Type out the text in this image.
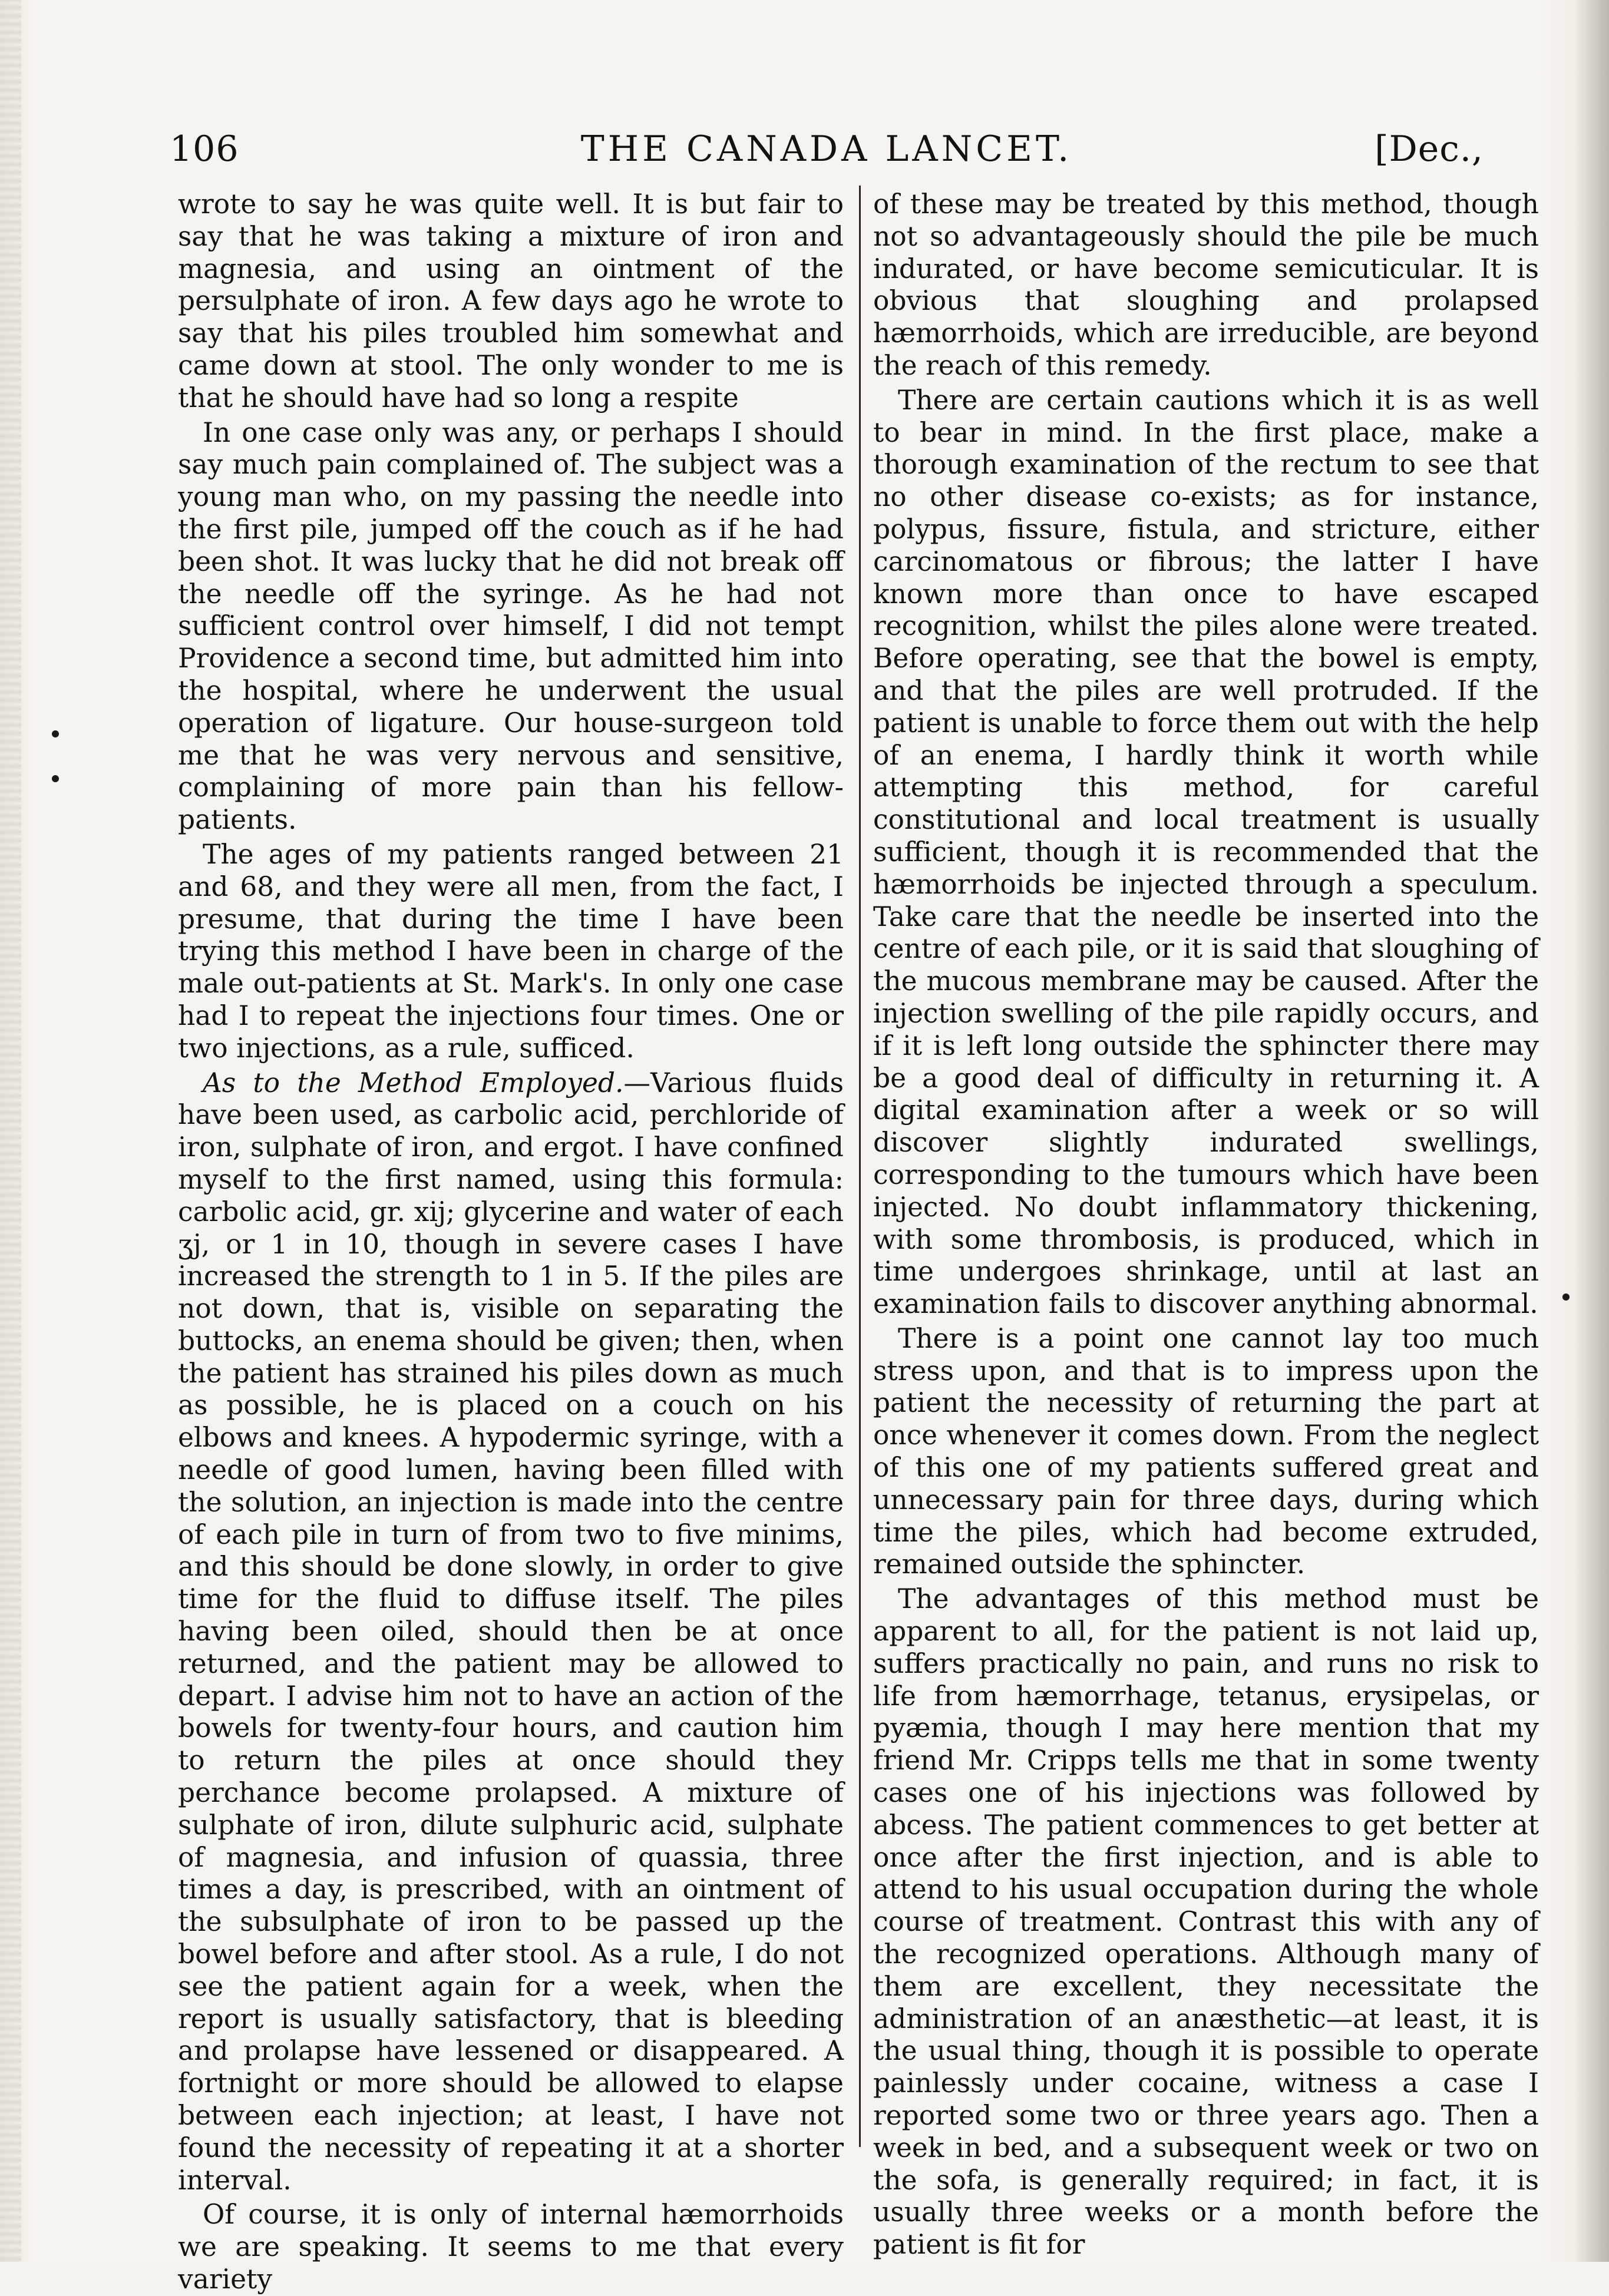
106	THE CANADA LANCET.	[Dec.,

wrote to say he was quite well. It is but fair to say that he was taking a mixture of iron and magnesia, and using an ointment of the persulphate of iron. A few days ago he wrote to say that his piles troubled him somewhat and came down at stool. The only wonder to me is that he should have had so long a respite

In one case only was any, or perhaps I should say much pain complained of. The subject was a young man who, on my passing the needle into the first pile, jumped off the couch as if he had been shot. It was lucky that he did not break off the needle off the syringe. As he had not sufficient control over himself, I did not tempt Providence a second time, but admitted him into the hospital, where he underwent the usual operation of ligature. Our house-surgeon told me that he was very nervous and sensitive, complaining of more pain than his fellow-patients.

The ages of my patients ranged between 21 and 68, and they were all men, from the fact, I presume, that during the time I have been trying this method I have been in charge of the male out-patients at St. Mark's. In only one case had I to repeat the injections four times. One or two injections, as a rule, sufficed.

As to the Method Employed.—Various fluids have been used, as carbolic acid, perchloride of iron, sulphate of iron, and ergot. I have confined myself to the first named, using this formula: carbolic acid, gr. xij; glycerine and water of each ʒj, or 1 in 10, though in severe cases I have increased the strength to 1 in 5. If the piles are not down, that is, visible on separating the buttocks, an enema should be given; then, when the patient has strained his piles down as much as possible, he is placed on a couch on his elbows and knees. A hypodermic syringe, with a needle of good lumen, having been filled with the solution, an injection is made into the centre of each pile in turn of from two to five minims, and this should be done slowly, in order to give time for the fluid to diffuse itself. The piles having been oiled, should then be at once returned, and the patient may be allowed to depart. I advise him not to have an action of the bowels for twenty-four hours, and caution him to return the piles at once should they perchance become prolapsed. A mixture of sulphate of iron, dilute sulphuric acid, sulphate of magnesia, and infusion of quassia, three times a day, is prescribed, with an ointment of the subsulphate of iron to be passed up the bowel before and after stool. As a rule, I do not see the patient again for a week, when the report is usually satisfactory, that is bleeding and prolapse have lessened or disappeared. A fortnight or more should be allowed to elapse between each injection; at least, I have not found the necessity of repeating it at a shorter interval.

Of course, it is only of internal hæmorrhoids we are speaking. It seems to me that every variety

of these may be treated by this method, though not so advantageously should the pile be much indurated, or have become semicuticular. It is obvious that sloughing and prolapsed hæmorrhoids, which are irreducible, are beyond the reach of this remedy.

There are certain cautions which it is as well to bear in mind. In the first place, make a thorough examination of the rectum to see that no other disease co-exists; as for instance, polypus, fissure, fistula, and stricture, either carcinomatous or fibrous; the latter I have known more than once to have escaped recognition, whilst the piles alone were treated. Before operating, see that the bowel is empty, and that the piles are well protruded. If the patient is unable to force them out with the help of an enema, I hardly think it worth while attempting this method, for careful constitutional and local treatment is usually sufficient, though it is recommended that the hæmorrhoids be injected through a speculum. Take care that the needle be inserted into the centre of each pile, or it is said that sloughing of the mucous membrane may be caused. After the injection swelling of the pile rapidly occurs, and if it is left long outside the sphincter there may be a good deal of difficulty in returning it. A digital examination after a week or so will discover slightly indurated swellings, corresponding to the tumours which have been injected. No doubt inflammatory thickening, with some thrombosis, is produced, which in time undergoes shrinkage, until at last an examination fails to discover anything abnormal.

There is a point one cannot lay too much stress upon, and that is to impress upon the patient the necessity of returning the part at once whenever it comes down. From the neglect of this one of my patients suffered great and unnecessary pain for three days, during which time the piles, which had become extruded, remained outside the sphincter.

The advantages of this method must be apparent to all, for the patient is not laid up, suffers practically no pain, and runs no risk to life from hæmorrhage, tetanus, erysipelas, or pyæmia, though I may here mention that my friend Mr. Cripps tells me that in some twenty cases one of his injections was followed by abcess. The patient commences to get better at once after the first injection, and is able to attend to his usual occupation during the whole course of treatment. Contrast this with any of the recognized operations. Although many of them are excellent, they necessitate the administration of an anæsthetic—at least, it is the usual thing, though it is possible to operate painlessly under cocaine, witness a case I reported some two or three years ago. Then a week in bed, and a subsequent week or two on the sofa, is generally required; in fact, it is usually three weeks or a month before the patient is fit for
